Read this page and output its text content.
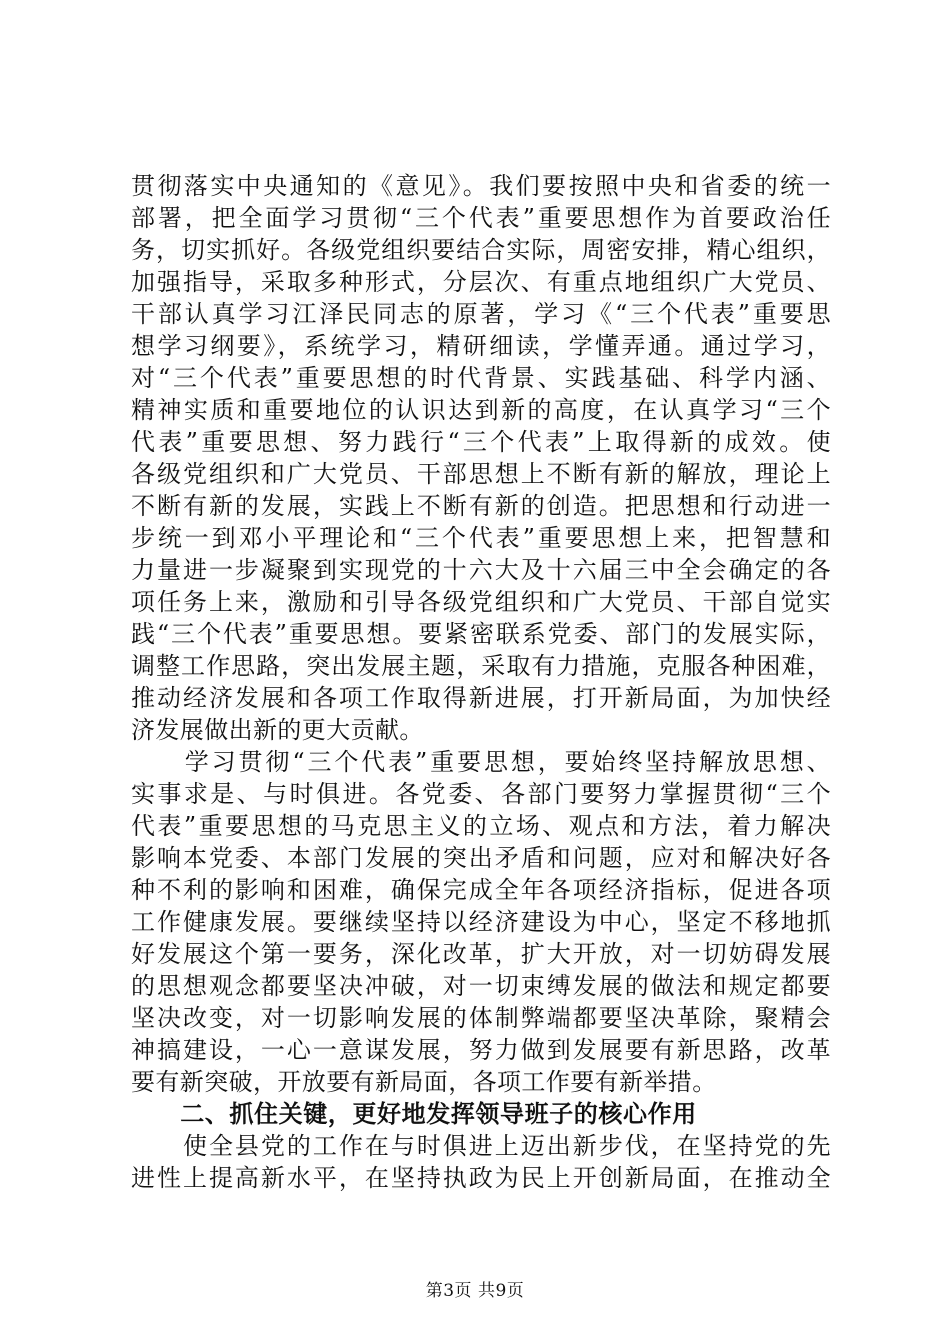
贯彻落实中央通知的《意见》。我们要按照中央和省委的统一
部署，把全面学习贯彻“三个代表”重要思想作为首要政治任
务，切实抓好。各级党组织要结合实际，周密安排，精心组织，
加强指导，采取多种形式，分层次、有重点地组织广大党员、
干部认真学习江泽民同志的原著，学习《“三个代表”重要思
想学习纲要》，系统学习，精研细读，学懂弄通。通过学习，
对“三个代表”重要思想的时代背景、实践基础、科学内涵、
精神实质和重要地位的认识达到新的高度，在认真学习“三个
代表”重要思想、努力践行“三个代表”上取得新的成效。使
各级党组织和广大党员、干部思想上不断有新的解放，理论上
不断有新的发展，实践上不断有新的创造。把思想和行动进一
步统一到邓小平理论和“三个代表”重要思想上来，把智慧和
力量进一步凝聚到实现党的十六大及十六届三中全会确定的各
项任务上来，激励和引导各级党组织和广大党员、干部自觉实
践“三个代表”重要思想。要紧密联系党委、部门的发展实际，
调整工作思路，突出发展主题，采取有力措施，克服各种困难，
推动经济发展和各项工作取得新进展，打开新局面，为加快经
济发展做出新的更大贡献。
　　学习贯彻“三个代表”重要思想，要始终坚持解放思想、
实事求是、与时俱进。各党委、各部门要努力掌握贯彻“三个
代表”重要思想的马克思主义的立场、观点和方法，着力解决
影响本党委、本部门发展的突出矛盾和问题，应对和解决好各
种不利的影响和困难，确保完成全年各项经济指标，促进各项
工作健康发展。要继续坚持以经济建设为中心，坚定不移地抓
好发展这个第一要务，深化改革，扩大开放，对一切妨碍发展
的思想观念都要坚决冲破，对一切束缚发展的做法和规定都要
坚决改变，对一切影响发展的体制弊端都要坚决革除，聚精会
神搞建设，一心一意谋发展，努力做到发展要有新思路，改革
要有新突破，开放要有新局面，各项工作要有新举措。
　　二、抓住关键，更好地发挥领导班子的核心作用
　　使全县党的工作在与时俱进上迈出新步伐，在坚持党的先
进性上提高新水平，在坚持执政为民上开创新局面，在推动全
第3页 共9页
